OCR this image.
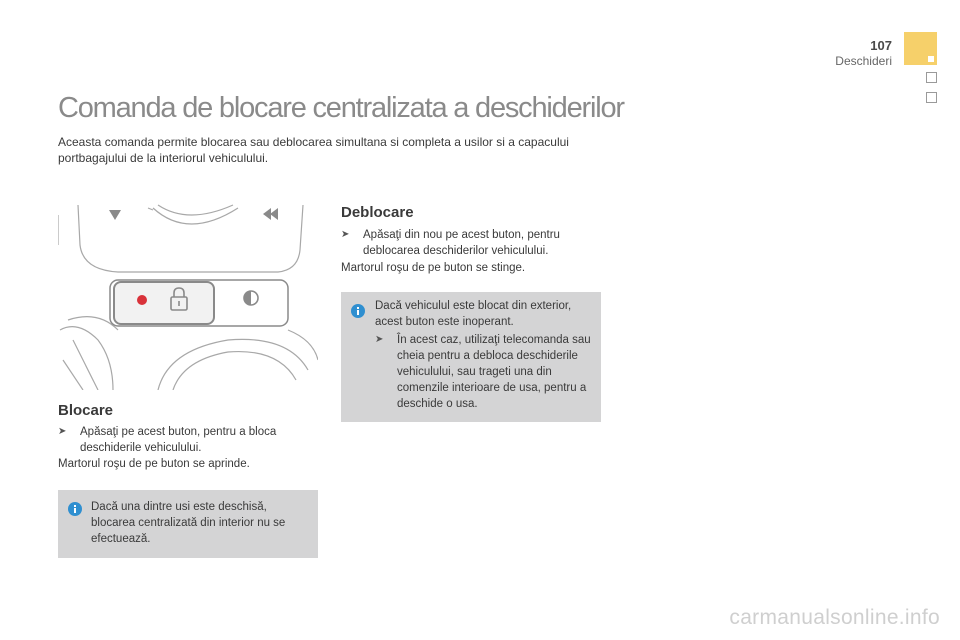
107
Deschideri
Comanda de blocare centralizata a deschiderilor

Aceasta comanda permite blocarea sau deblocarea simultana si completa a usilor si a capacului portbagajului de la interiorul vehiculului.

Blocare
➤	Apăsaţi pe acest buton, pentru a bloca deschiderile vehiculului.

Martorul roşu de pe buton se aprinde.

Dacă una dintre usi este deschisă, blocarea centralizată din interior nu se efectuează.

Deblocare
➤	Apăsaţi din nou pe acest buton, pentru deblocarea deschiderilor vehiculului.

Martorul roşu de pe buton se stinge.

Dacă vehiculul este blocat din exterior, acest buton este inoperant.

➤	În acest caz, utilizaţi telecomanda sau cheia pentru a debloca deschiderile vehiculului, sau trageti una din comenzile interioare de usa, pentru a deschide o usa.
carmanualsonline.info
